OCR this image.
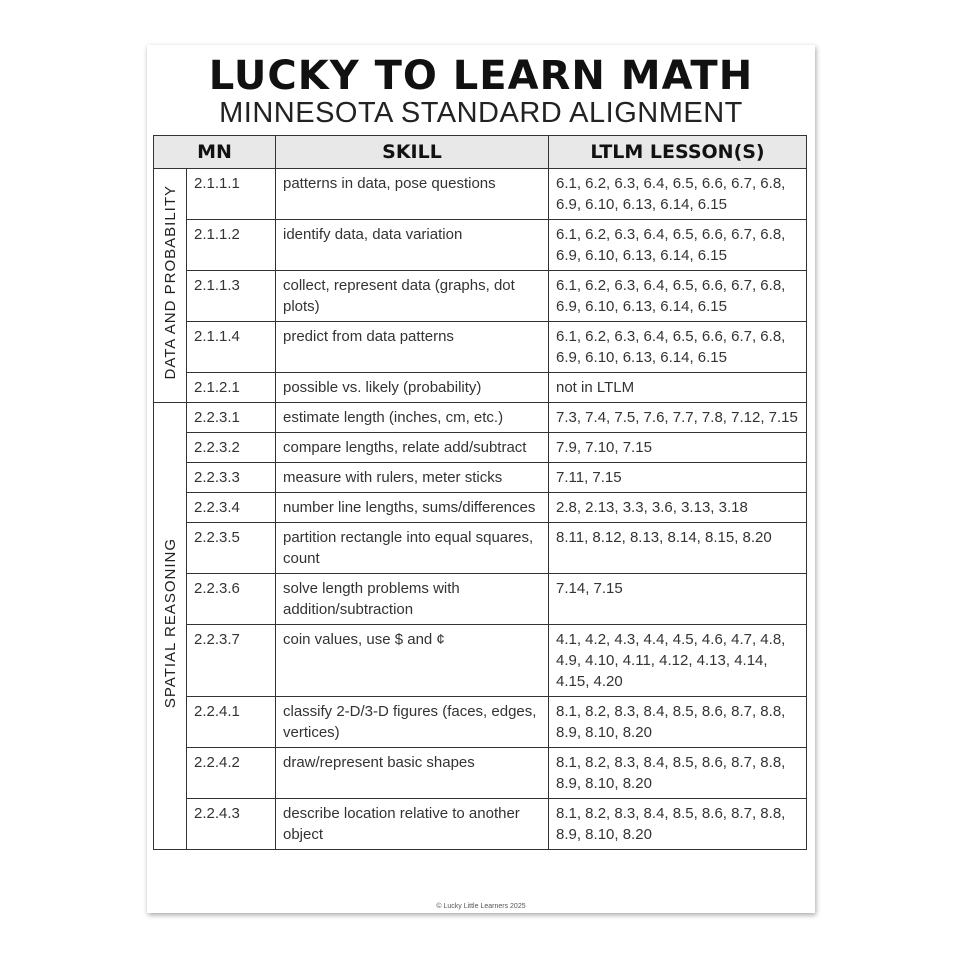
LUCKY TO LEARN MATH
MINNESOTA STANDARD ALIGNMENT
MN		SKILL	LTLM LESSON(S)
DATA AND PROBABILITY	2.1.1.1	patterns in data, pose questions	6.1, 6.2, 6.3, 6.4, 6.5, 6.6, 6.7, 6.8, 6.9, 6.10, 6.13, 6.14, 6.15
	2.1.1.2	identify data, data variation	6.1, 6.2, 6.3, 6.4, 6.5, 6.6, 6.7, 6.8, 6.9, 6.10, 6.13, 6.14, 6.15
	2.1.1.3	collect, represent data (graphs, dot plots)	6.1, 6.2, 6.3, 6.4, 6.5, 6.6, 6.7, 6.8, 6.9, 6.10, 6.13, 6.14, 6.15
	2.1.1.4	predict from data patterns	6.1, 6.2, 6.3, 6.4, 6.5, 6.6, 6.7, 6.8, 6.9, 6.10, 6.13, 6.14, 6.15
	2.1.2.1	possible vs. likely (probability)	not in LTLM
SPATIAL REASONING	2.2.3.1	estimate length (inches, cm, etc.)	7.3, 7.4, 7.5, 7.6, 7.7, 7.8, 7.12, 7.15
	2.2.3.2	compare lengths, relate add/subtract	7.9, 7.10, 7.15
	2.2.3.3	measure with rulers, meter sticks	7.11, 7.15
	2.2.3.4	number line lengths, sums/differences	2.8, 2.13, 3.3, 3.6, 3.13, 3.18
	2.2.3.5	partition rectangle into equal squares, count	8.11, 8.12, 8.13, 8.14, 8.15, 8.20
	2.2.3.6	solve length problems with addition/subtraction	7.14, 7.15
	2.2.3.7	coin values, use $ and ¢	4.1, 4.2, 4.3, 4.4, 4.5, 4.6, 4.7, 4.8, 4.9, 4.10, 4.11, 4.12, 4.13, 4.14, 4.15, 4.20
	2.2.4.1	classify 2-D/3-D figures (faces, edges, vertices)	8.1, 8.2, 8.3, 8.4, 8.5, 8.6, 8.7, 8.8, 8.9, 8.10, 8.20
	2.2.4.2	draw/represent basic shapes	8.1, 8.2, 8.3, 8.4, 8.5, 8.6, 8.7, 8.8, 8.9, 8.10, 8.20
	2.2.4.3	describe location relative to another object	8.1, 8.2, 8.3, 8.4, 8.5, 8.6, 8.7, 8.8, 8.9, 8.10, 8.20
© Lucky Little Learners 2025
